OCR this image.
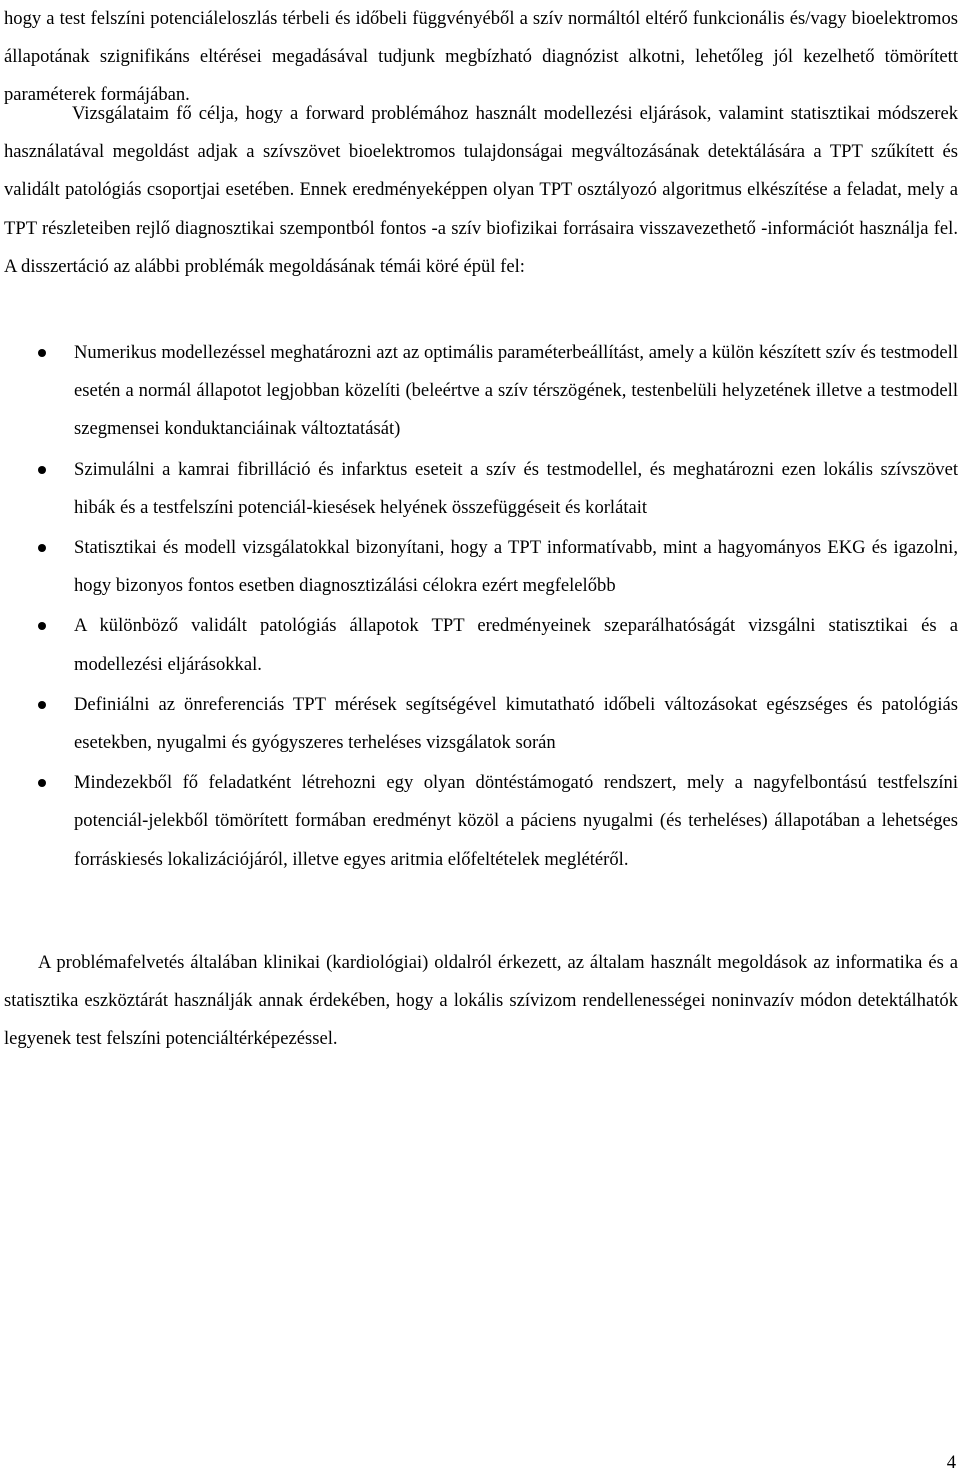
hogy a test felszíni potenciáleloszlás térbeli és időbeli függvényéből a szív normáltól eltérő funkcionális és/vagy bioelektromos állapotának szignifikáns eltérései megadásával tudjunk megbízható diagnózist alkotni, lehetőleg jól kezelhető tömörített paraméterek formájában.

Vizsgálataim fő célja, hogy a forward problémához használt modellezési eljárások, valamint statisztikai módszerek használatával megoldást adjak a szívszövet bioelektromos tulajdonságai megváltozásának detektálására a TPT szűkített és validált patológiás csoportjai esetében. Ennek eredményeképpen olyan TPT osztályozó algoritmus elkészítése a feladat, mely a TPT részleteiben rejlő diagnosztikai szempontból fontos -a szív biofizikai forrásaira visszavezethető -információt használja fel. A disszertáció az alábbi problémák megoldásának témái köré épül fel:

Numerikus modellezéssel meghatározni azt az optimális paraméterbeállítást, amely a külön készített szív és testmodell esetén a normál állapotot legjobban közelíti (beleértve a szív térszögének, testenbelüli helyzetének illetve a testmodell szegmensei konduktanciáinak változtatását)
Szimulálni a kamrai fibrilláció és infarktus eseteit a szív és testmodellel, és meghatározni ezen lokális szívszövet hibák és a testfelszíni potenciál-kiesések helyének összefüggéseit és korlátait
Statisztikai és modell vizsgálatokkal bizonyítani, hogy a TPT informatívabb, mint a hagyományos EKG és igazolni, hogy bizonyos fontos esetben diagnosztizálási célokra ezért megfelelőbb
A különböző validált patológiás állapotok TPT eredményeinek szeparálhatóságát vizsgálni statisztikai és a modellezési eljárásokkal.
Definiálni az önreferenciás TPT mérések segítségével kimutatható időbeli változásokat egészséges és patológiás esetekben, nyugalmi és gyógyszeres terheléses vizsgálatok során
Mindezekből fő feladatként létrehozni egy olyan döntéstámogató rendszert, mely a nagyfelbontású testfelszíni potenciál-jelekből tömörített formában eredményt közöl a páciens nyugalmi (és terheléses) állapotában a lehetséges forráskiesés lokalizációjáról, illetve egyes aritmia előfeltételek meglétéről.

A problémafelvetés általában klinikai (kardiológiai) oldalról érkezett, az általam használt megoldások az informatika és a statisztika eszköztárát használják annak érdekében, hogy a lokális szívizom rendellenességei noninvazív módon detektálhatók legyenek test felszíni potenciáltérképezéssel.

4
